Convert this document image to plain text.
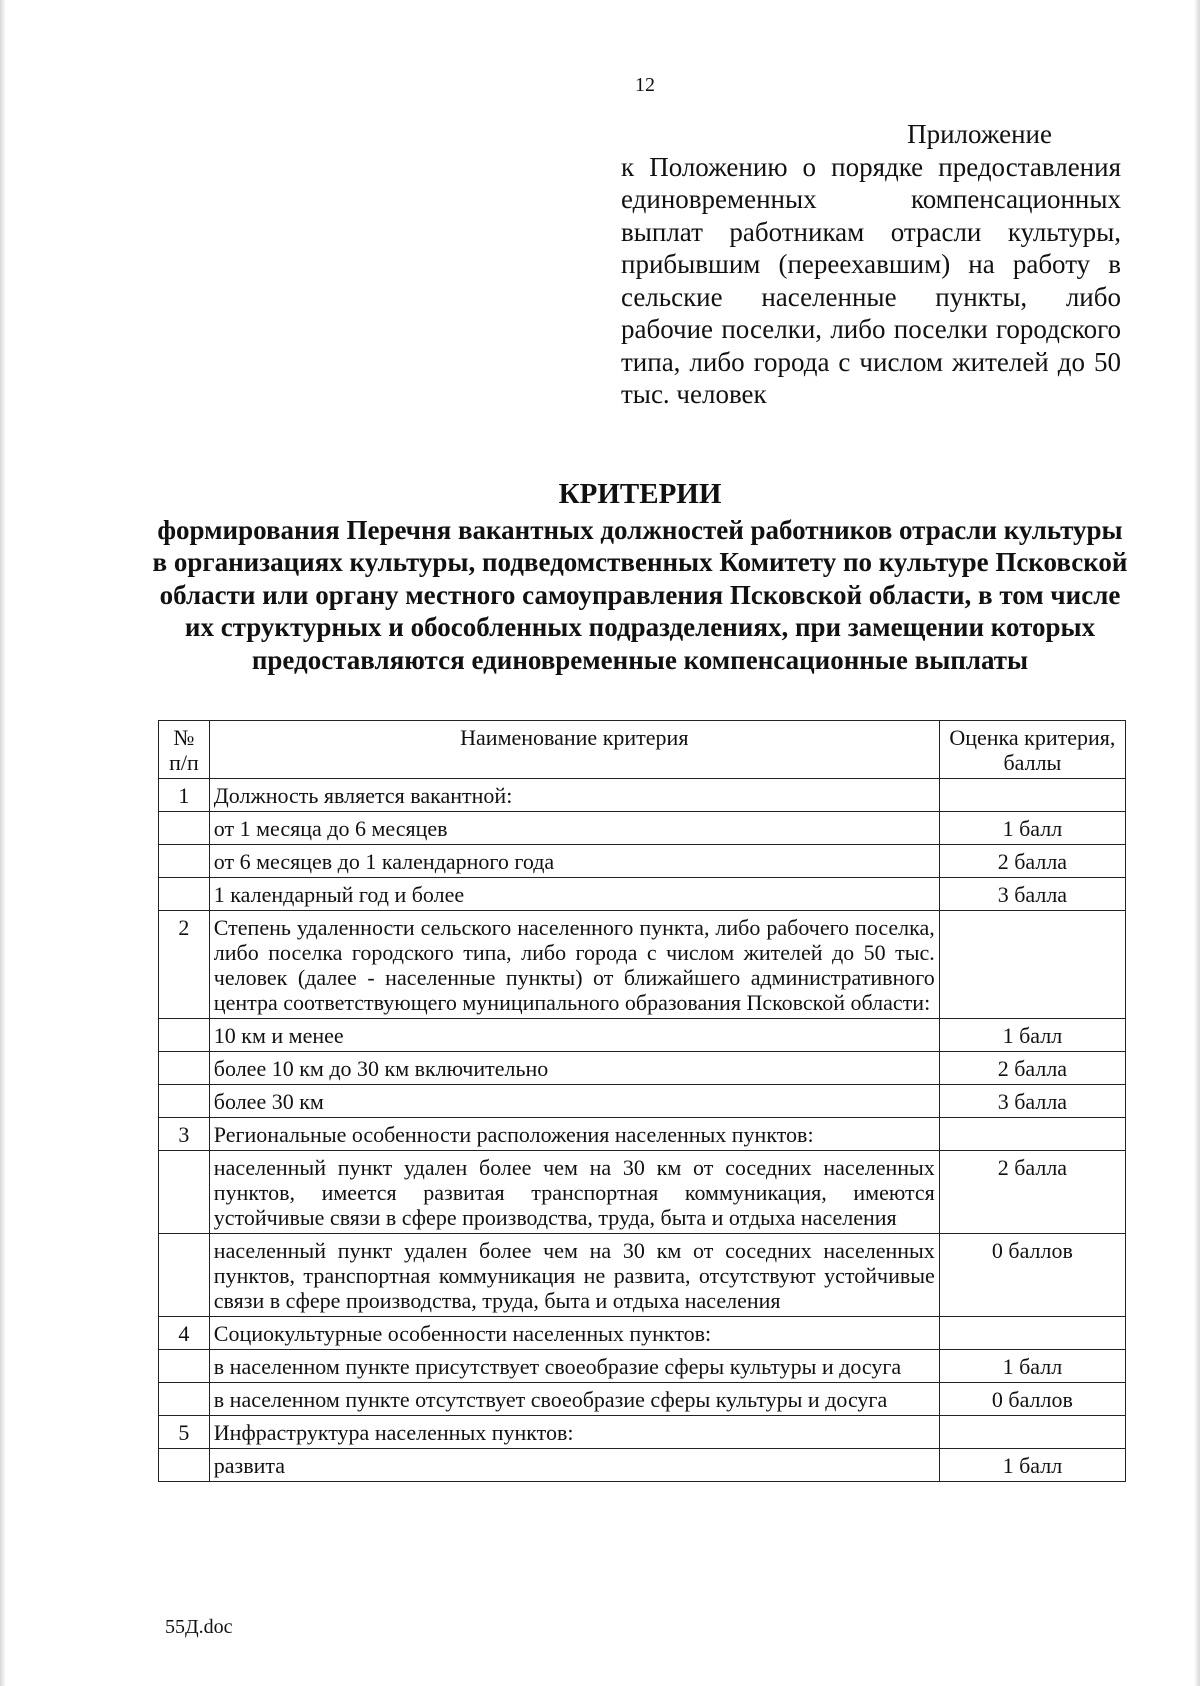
12

Приложение

к Положению о порядке предоставления единовременных компенсационных выплат работникам отрасли культуры, прибывшим (переехавшим) на работу в сельские населенные пункты, либо рабочие поселки, либо поселки городского типа, либо города с числом жителей до 50 тыс. человек

КРИТЕРИИ
формирования Перечня вакантных должностей работников отрасли культуры в организациях культуры, подведомственных Комитету по культуре Псковской области или органу местного самоуправления Псковской области, в том числе их структурных и обособленных подразделениях, при замещении которых предоставляются единовременные компенсационные выплаты
№ п/п	Наименование критерия	Оценка критерия, баллы
1	Должность является вакантной:	
	от 1 месяца до 6 месяцев	1 балл
	от 6 месяцев до 1 календарного года	2 балла
	1 календарный год и более	3 балла
2	Степень удаленности сельского населенного пункта, либо рабочего поселка, либо поселка городского типа, либо города с числом жителей до 50 тыс. человек (далее - населенные пункты) от ближайшего административного центра соответствующего муниципального образования Псковской области:	
	10 км и менее	1 балл
	более 10 км до 30 км включительно	2 балла
	более 30 км	3 балла
3	Региональные особенности расположения населенных пунктов:	
	населенный пункт удален более чем на 30 км от соседних населенных пунктов, имеется развитая транспортная коммуникация, имеются устойчивые связи в сфере производства, труда, быта и отдыха населения	2 балла
	населенный пункт удален более чем на 30 км от соседних населенных пунктов, транспортная коммуникация не развита, отсутствуют устойчивые связи в сфере производства, труда, быта и отдыха населения	0 баллов
4	Социокультурные особенности населенных пунктов:	
	в населенном пункте присутствует своеобразие сферы культуры и досуга	1 балл
	в населенном пункте отсутствует своеобразие сферы культуры и досуга	0 баллов
5	Инфраструктура населенных пунктов:	
	развита	1 балл
55Д.doc
